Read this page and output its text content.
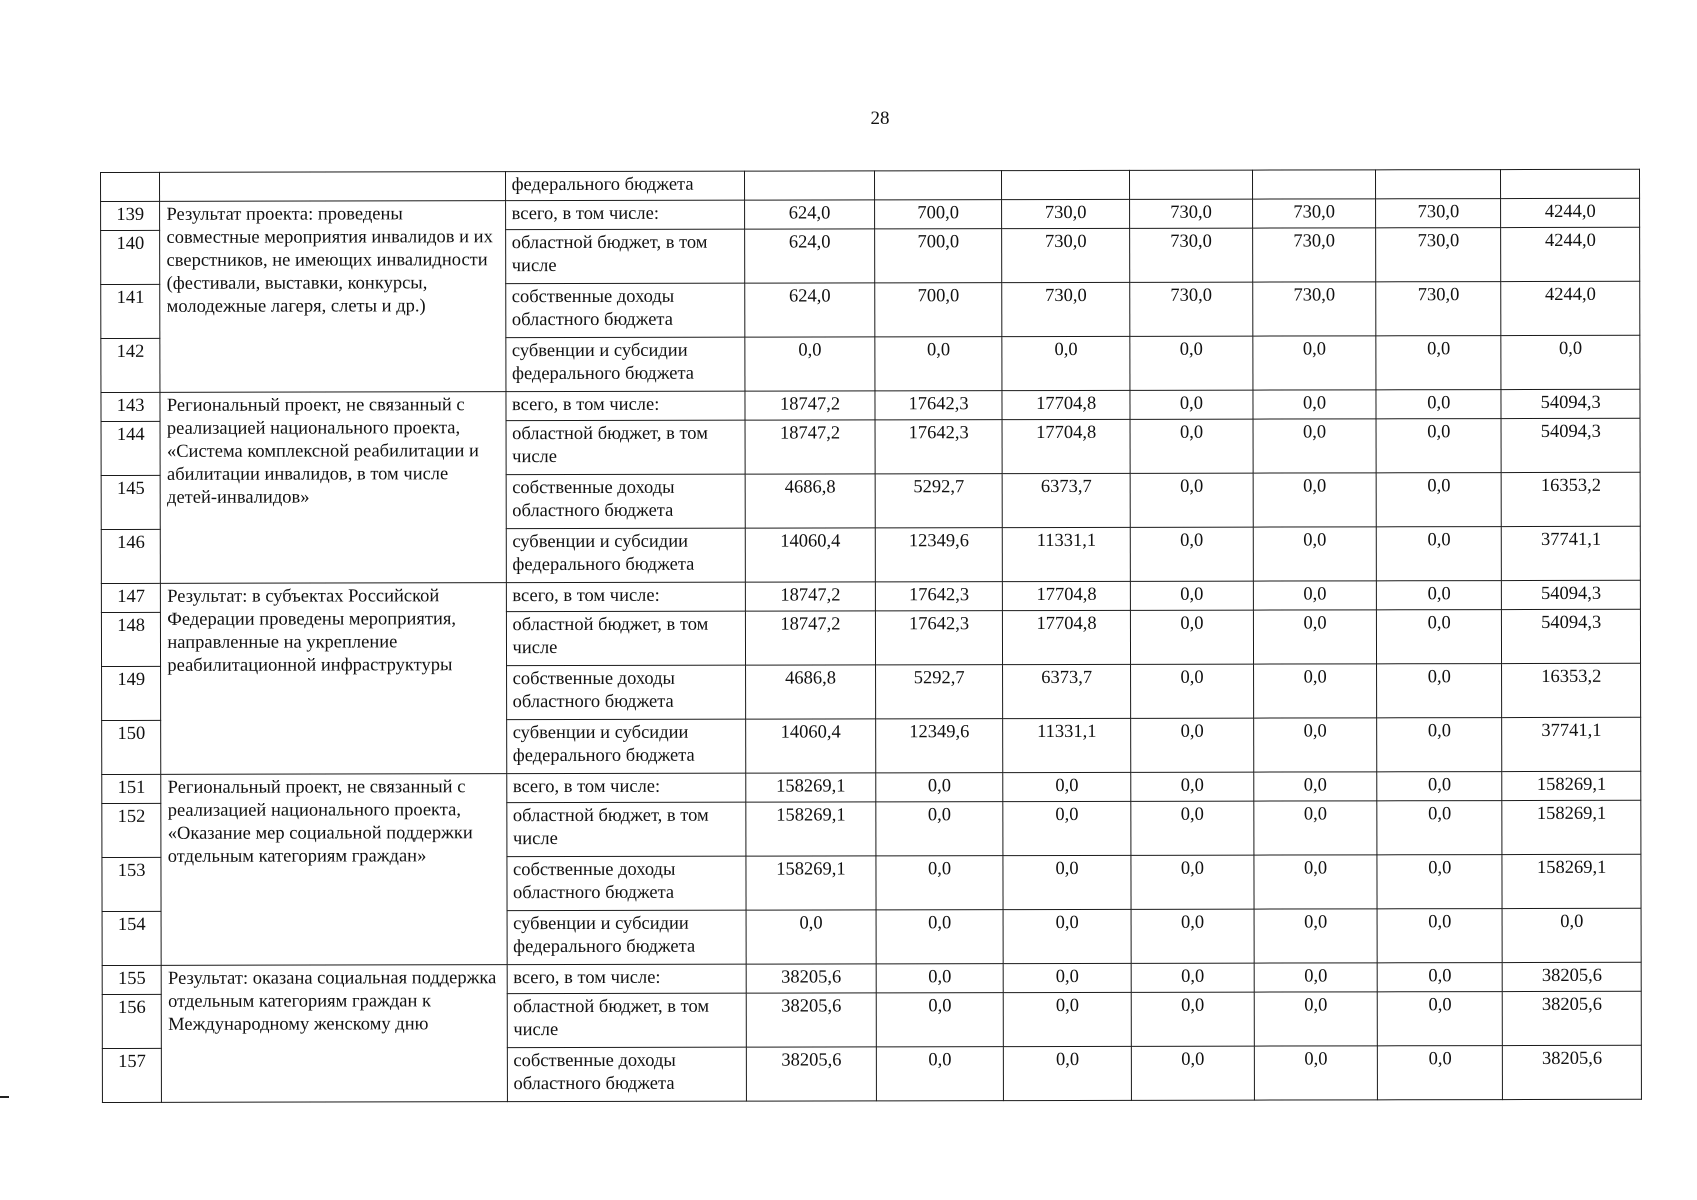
28
		федерального бюджета							
139	Результат проекта: проведены совместные мероприятия инвалидов и их сверстников, не имеющих инвалидности (фестивали, выставки, конкурсы, молодежные лагеря, слеты и др.)	всего, в том числе:	624,0	700,0	730,0	730,0	730,0	730,0	4244,0
140		областной бюджет, в том числе	624,0	700,0	730,0	730,0	730,0	730,0	4244,0
141		собственные доходы областного бюджета	624,0	700,0	730,0	730,0	730,0	730,0	4244,0
142		субвенции и субсидии федерального бюджета	0,0	0,0	0,0	0,0	0,0	0,0	0,0
143	Региональный проект, не связанный с реализацией национального проекта, «Система комплексной реабилитации и абилитации инвалидов, в том числе детей-инвалидов»	всего, в том числе:	18747,2	17642,3	17704,8	0,0	0,0	0,0	54094,3
144		областной бюджет, в том числе	18747,2	17642,3	17704,8	0,0	0,0	0,0	54094,3
145		собственные доходы областного бюджета	4686,8	5292,7	6373,7	0,0	0,0	0,0	16353,2
146		субвенции и субсидии федерального бюджета	14060,4	12349,6	11331,1	0,0	0,0	0,0	37741,1
147	Результат: в субъектах Российской Федерации проведены мероприятия, направленные на укрепление реабилитационной инфраструктуры	всего, в том числе:	18747,2	17642,3	17704,8	0,0	0,0	0,0	54094,3
148		областной бюджет, в том числе	18747,2	17642,3	17704,8	0,0	0,0	0,0	54094,3
149		собственные доходы областного бюджета	4686,8	5292,7	6373,7	0,0	0,0	0,0	16353,2
150		субвенции и субсидии федерального бюджета	14060,4	12349,6	11331,1	0,0	0,0	0,0	37741,1
151	Региональный проект, не связанный с реализацией национального проекта, «Оказание мер социальной поддержки отдельным категориям граждан»	всего, в том числе:	158269,1	0,0	0,0	0,0	0,0	0,0	158269,1
152		областной бюджет, в том числе	158269,1	0,0	0,0	0,0	0,0	0,0	158269,1
153		собственные доходы областного бюджета	158269,1	0,0	0,0	0,0	0,0	0,0	158269,1
154		субвенции и субсидии федерального бюджета	0,0	0,0	0,0	0,0	0,0	0,0	0,0
155	Результат: оказана социальная поддержка отдельным категориям граждан к Международному женскому дню	всего, в том числе:	38205,6	0,0	0,0	0,0	0,0	0,0	38205,6
156		областной бюджет, в том числе	38205,6	0,0	0,0	0,0	0,0	0,0	38205,6
157		собственные доходы областного бюджета	38205,6	0,0	0,0	0,0	0,0	0,0	38205,6
